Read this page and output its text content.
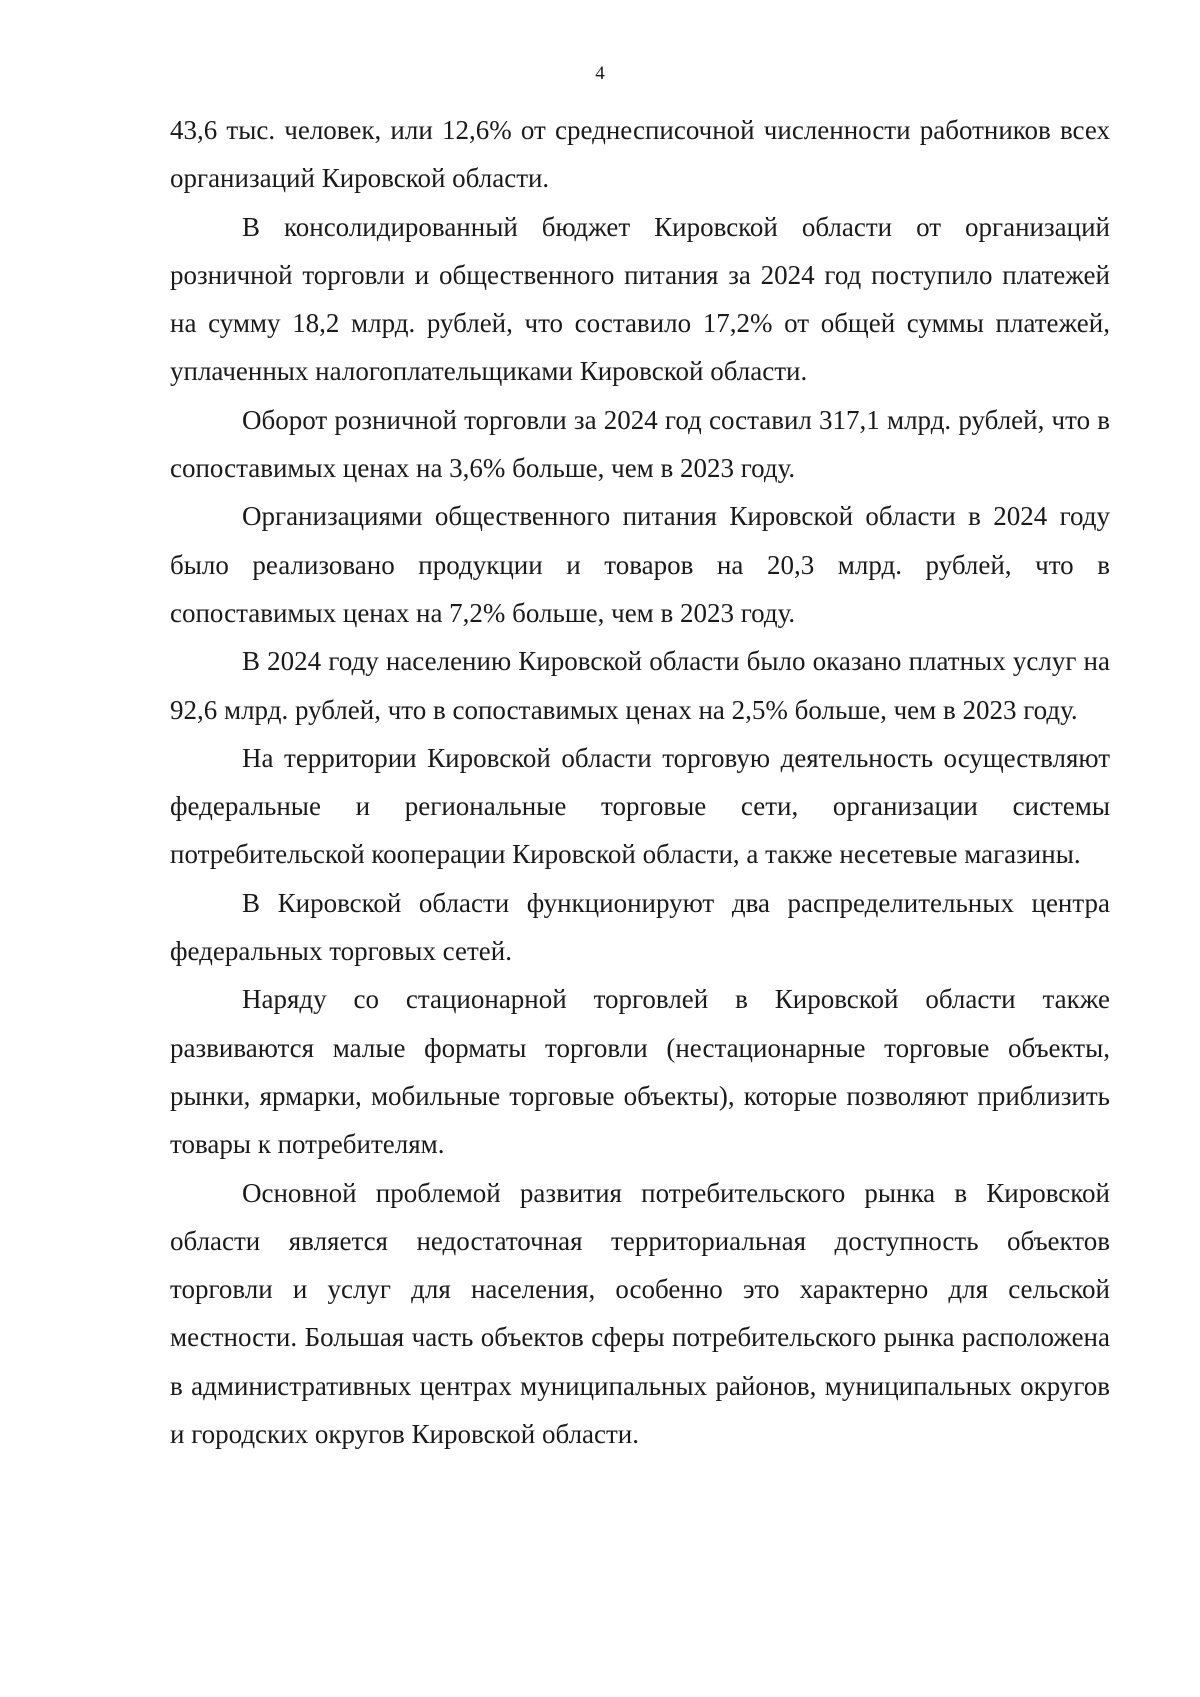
4

43,6 тыс. человек, или 12,6% от среднесписочной численности работников всех организаций Кировской области.

В консолидированный бюджет Кировской области от организаций розничной торговли и общественного питания за 2024 год поступило платежей на сумму 18,2 млрд. рублей, что составило 17,2% от общей суммы платежей, уплаченных налогоплательщиками Кировской области.

Оборот розничной торговли за 2024 год составил 317,1 млрд. рублей, что в сопоставимых ценах на 3,6% больше, чем в 2023 году.

Организациями общественного питания Кировской области в 2024 году было реализовано продукции и товаров на 20,3 млрд. рублей, что в сопоставимых ценах на 7,2% больше, чем в 2023 году.

В 2024 году населению Кировской области было оказано платных услуг на 92,6 млрд. рублей, что в сопоставимых ценах на 2,5% больше, чем в 2023 году.

На территории Кировской области торговую деятельность осуществляют федеральные и региональные торговые сети, организации системы потребительской кооперации Кировской области, а также несетевые магазины.

В Кировской области функционируют два распределительных центра федеральных торговых сетей.

Наряду со стационарной торговлей в Кировской области также развиваются малые форматы торговли (нестационарные торговые объекты, рынки, ярмарки, мобильные торговые объекты), которые позволяют приблизить товары к потребителям.

Основной проблемой развития потребительского рынка в Кировской области является недостаточная территориальная доступность объектов торговли и услуг для населения, особенно это характерно для сельской местности. Большая часть объектов сферы потребительского рынка расположена в административных центрах муниципальных районов, муниципальных округов и городских округов Кировской области.
